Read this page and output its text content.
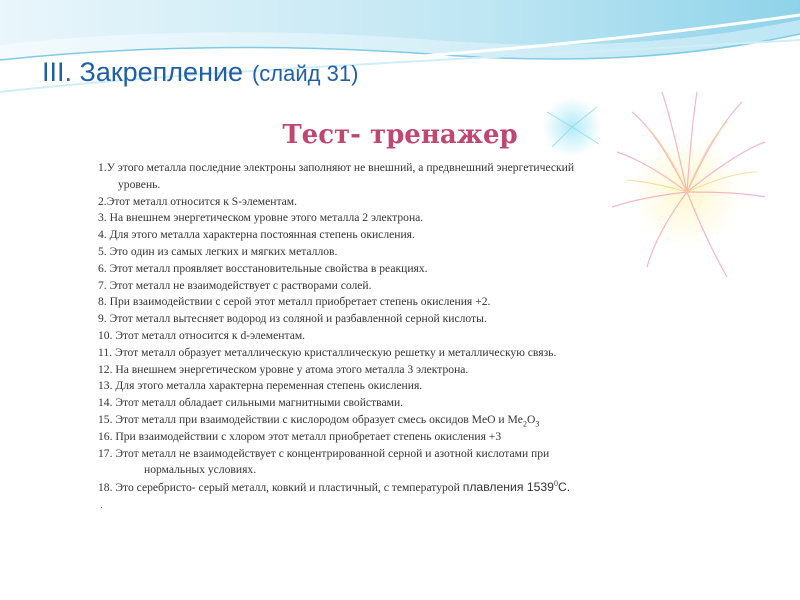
III. Закрепление (слайд 31)
Тест- тренажер
1.У этого металла последние электроны заполняют не внешний, а предвнешний энергетический
уровень.
2.Этот металл относится к S-элементам.
3. На внешнем энергетическом уровне этого металла 2 электрона.
4. Для этого металла характерна постоянная степень окисления.
5. Это один из самых легких и мягких металлов.
6. Этот металл проявляет восстановительные свойства в реакциях.
7. Этот металл не взаимодействует с растворами солей.
8. При взаимодействии с серой этот металл приобретает степень окисления +2.
9. Этот металл вытесняет водород из соляной и разбавленной серной кислоты.
10. Этот металл относится к d-элементам.
11. Этот металл образует металлическую кристаллическую решетку и металлическую связь.
12. На внешнем энергетическом уровне у атома этого металла 3 электрона.
13. Для этого металла характерна переменная степень окисления.
14. Этот металл обладает сильными магнитными свойствами.
15. Этот металл при взаимодействии с кислородом образует смесь оксидов MeO и $Me_2O_3$
16. При взаимодействии с хлором этот металл приобретает степень окисления +3
17. Этот металл не взаимодействует с концентрированной серной и азотной кислотами при
нормальных условиях.
18. Это серебристо- серый металл, ковкий и пластичный, с температурой плавления 1539$^0$С.
.
